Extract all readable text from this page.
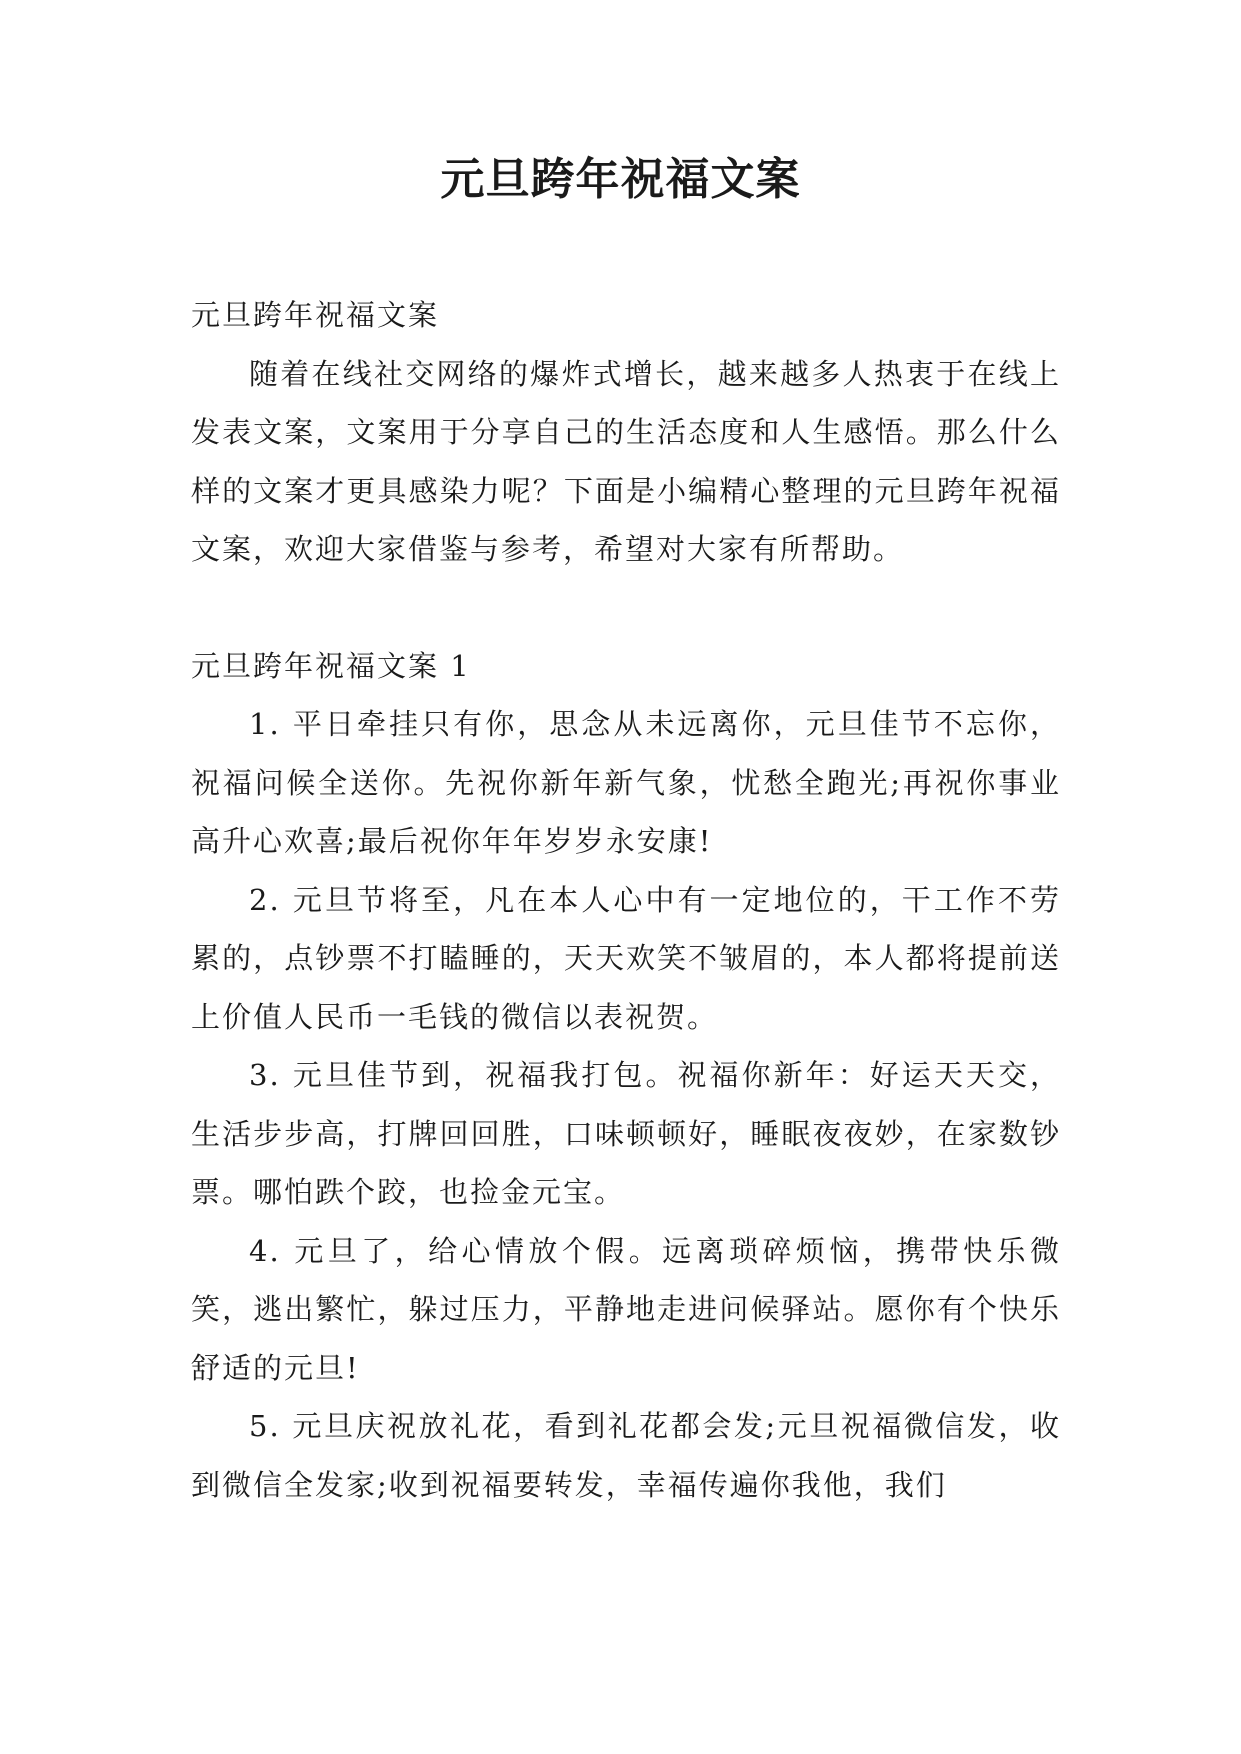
元旦跨年祝福文案

元旦跨年祝福文案

随着在线社交网络的爆炸式增长，越来越多人热衷于在线上发表文案，文案用于分享自己的生活态度和人生感悟。那么什么样的文案才更具感染力呢？下面是小编精心整理的元旦跨年祝福文案，欢迎大家借鉴与参考，希望对大家有所帮助。

元旦跨年祝福文案 1

1. 平日牵挂只有你，思念从未远离你，元旦佳节不忘你，祝福问候全送你。先祝你新年新气象，忧愁全跑光;再祝你事业高升心欢喜;最后祝你年年岁岁永安康!

2. 元旦节将至，凡在本人心中有一定地位的，干工作不劳累的，点钞票不打瞌睡的，天天欢笑不皱眉的，本人都将提前送上价值人民币一毛钱的微信以表祝贺。

3. 元旦佳节到，祝福我打包。祝福你新年：好运天天交，生活步步高，打牌回回胜，口味顿顿好，睡眠夜夜妙，在家数钞票。哪怕跌个跤，也捡金元宝。

4. 元旦了，给心情放个假。远离琐碎烦恼，携带快乐微笑，逃出繁忙，躲过压力，平静地走进问候驿站。愿你有个快乐舒适的元旦!

5. 元旦庆祝放礼花，看到礼花都会发;元旦祝福微信发，收到微信全发家;收到祝福要转发，幸福传遍你我他，我们
